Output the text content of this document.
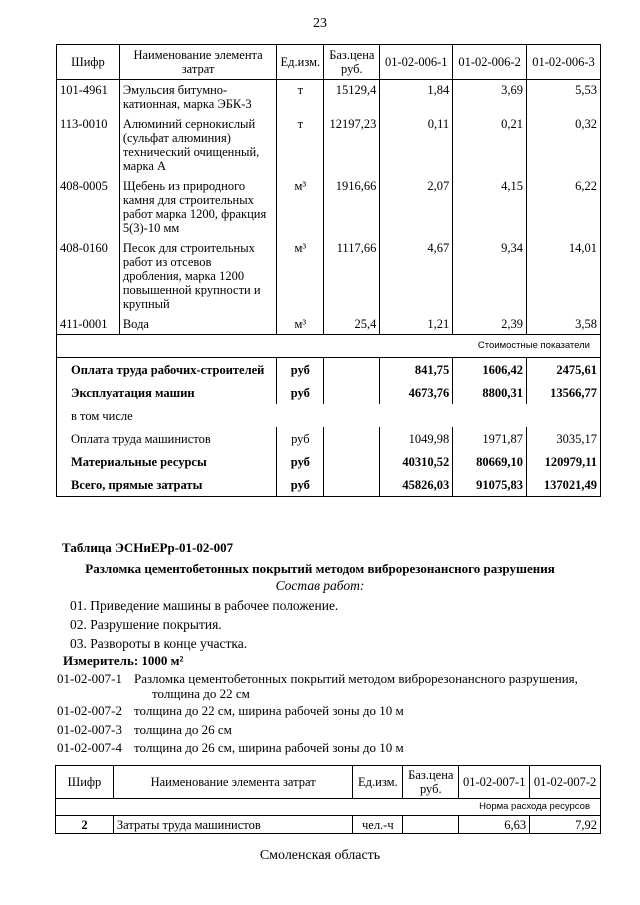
23
Шифр	Наименование элемента затрат	Ед.изм.	Баз.цена руб.	01-02-006-1	01-02-006-2	01-02-006-3
101-4961	Эмульсия битумно-катионная, марка ЭБК-3	т	15129,4	1,84	3,69	5,53
113-0010	Алюминий сернокислый (сульфат алюминия) технический очищенный, марка А	т	12197,23	0,11	0,21	0,32
408-0005	Щебень из природного камня для строительных работ марка 1200, фракция 5(3)-10 мм	м³	1916,66	2,07	4,15	6,22
408-0160	Песок для строительных работ из отсевов дробления, марка 1200 повышенной крупности и крупный	м³	1117,66	4,67	9,34	14,01
411-0001	Вода	м³	25,4	1,21	2,39	3,58
Стоимостные показатели						
Оплата труда рабочих-строителей		руб		841,75	1606,42	2475,61
Эксплуатация машин		руб		4673,76	8800,31	13566,77
в том числе						
Оплата труда машинистов		руб		1049,98	1971,87	3035,17
Материальные ресурсы		руб		40310,52	80669,10	120979,11
Всего, прямые затраты		руб		45826,03	91075,83	137021,49
Таблица ЭСНиЕРр-01-02-007
Разломка цементобетонных покрытий методом виброрезонансного разрушения
Состав работ:
01. Приведение машины в рабочее положение.
02. Разрушение покрытия.
03. Развороты в конце участка.
Измеритель: 1000 м²
01-02-007-1 Разломка цементобетонных покрытий методом виброрезонансного разрушения,
толщина до 22 см
01-02-007-2 толщина до 22 см, ширина рабочей зоны до 10 м
01-02-007-3 толщина до 26 см
01-02-007-4 толщина до 26 см, ширина рабочей зоны до 10 м
Шифр	Наименование элемента затрат	Ед.изм.	Баз.цена руб.	01-02-007-1	01-02-007-2
Норма расхода ресурсов					
2	Затраты труда машинистов	чел.-ч		6,63	7,92
Смоленская область
